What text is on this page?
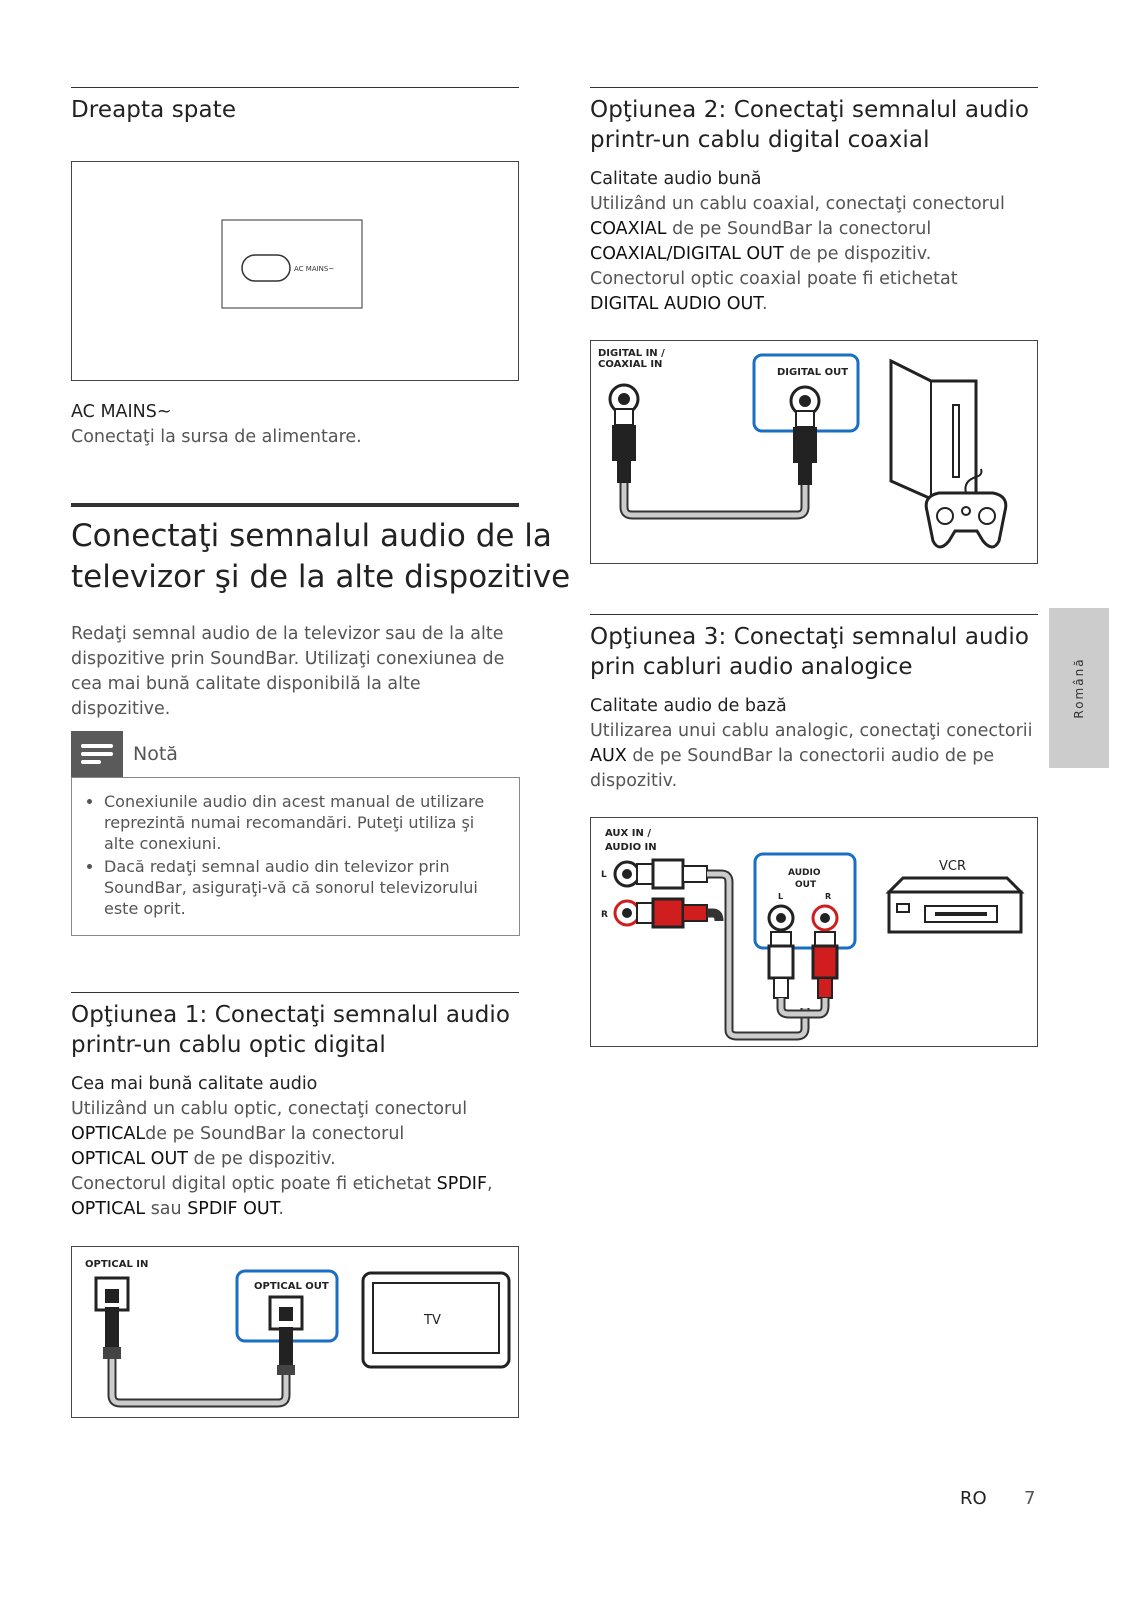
Dreapta spate
AC MAINS~
AC MAINS~
Conectaţi la sursa de alimentare.
Conectaţi semnalul audio de la
televizor şi de la alte dispozitive
Redaţi semnal audio de la televizor sau de la alte dispozitive prin SoundBar. Utilizaţi conexiunea de cea mai bună calitate disponibilă la alte dispozitive.
Notă
• Conexiunile audio din acest manual de utilizare reprezintă numai recomandări. Puteţi utiliza şi alte conexiuni.
• Dacă redaţi semnal audio din televizor prin SoundBar, asiguraţi-vă că sonorul televizorului este oprit.
Opţiunea 1: Conectaţi semnalul audio
printr-un cablu optic digital
Cea mai bună calitate audio
Utilizând un cablu optic, conectaţi conectorul
OPTICALde pe SoundBar la conectorul
OPTICAL OUT de pe dispozitiv.
Conectorul digital optic poate fi etichetat SPDIF,
OPTICAL sau SPDIF OUT.
OPTICAL IN
OPTICAL OUT
TV
Opţiunea 2: Conectaţi semnalul audio
printr-un cablu digital coaxial
Calitate audio bună
Utilizând un cablu coaxial, conectaţi conectorul
COAXIAL de pe SoundBar la conectorul
COAXIAL/DIGITAL OUT de pe dispozitiv.
Conectorul optic coaxial poate fi etichetat
DIGITAL AUDIO OUT.
DIGITAL IN /
COAXIAL IN
DIGITAL OUT
Opţiunea 3: Conectaţi semnalul audio
prin cabluri audio analogice
Calitate audio de bază
Utilizarea unui cablu analogic, conectaţi conectorii
AUX de pe SoundBar la conectorii audio de pe
dispozitiv.
AUX IN /
AUDIO IN
L
R
AUDIO
OUT
L	R
VCR
Română
RO 7
